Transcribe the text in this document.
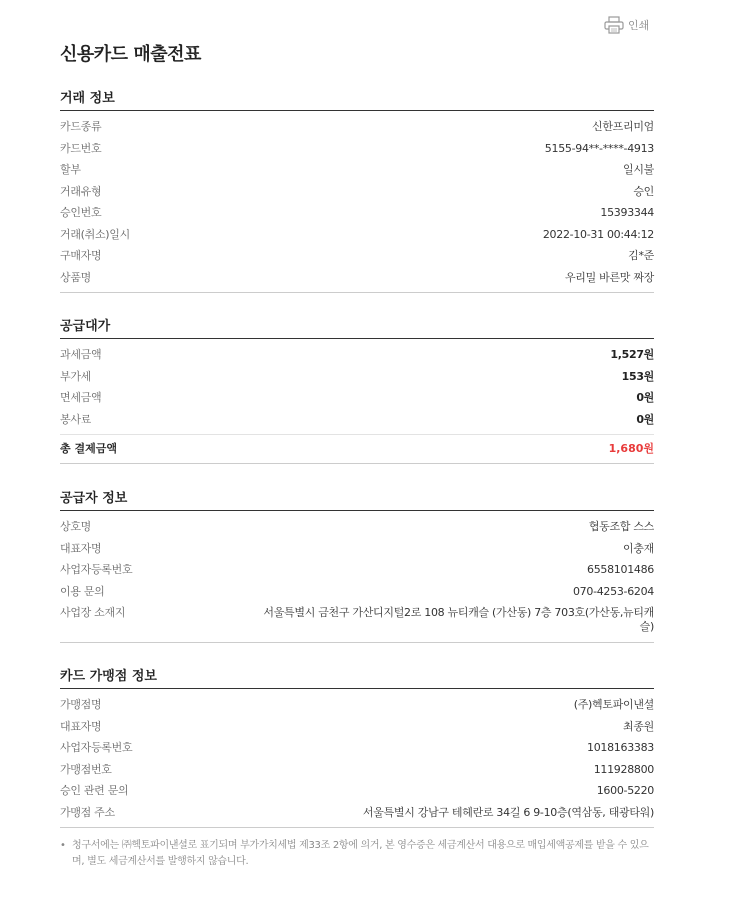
인쇄
신용카드 매출전표
거래 정보
카드종류	신한프리미엄
카드번호	5155-94**-****-4913
할부	일시불
거래유형	승인
승인번호	15393344
거래(취소)일시	2022-10-31 00:44:12
구매자명	김*준
상품명	우리밀 바른맛 짜장
공급대가
과세금액	1,527원
부가세	153원
면세금액	0원
봉사료	0원
총 결제금액	1,680원
공급자 정보
상호명	협동조합 스스
대표자명	이충재
사업자등록번호	6558101486
이용 문의	070-4253-6204
사업장 소재지	서울특별시 금천구 가산디지털2로 108 뉴티캐슬 (가산동) 7층 703호(가산동,뉴티캐슬)
카드 가맹점 정보
가맹점명	(주)헥토파이낸셜
대표자명	최종원
사업자등록번호	1018163383
가맹점번호	111928800
승인 관련 문의	1600-5220
가맹점 주소	서울특별시 강남구 테헤란로 34길 6 9-10층(역삼동, 태광타워)
• 청구서에는 ㈜헥토파이낸셜로 표기되며 부가가치세법 제33조 2항에 의거, 본 영수증은 세금계산서 대용으로 매입세액공제를 받을 수 있으며, 별도 세금계산서를 발행하지 않습니다.
